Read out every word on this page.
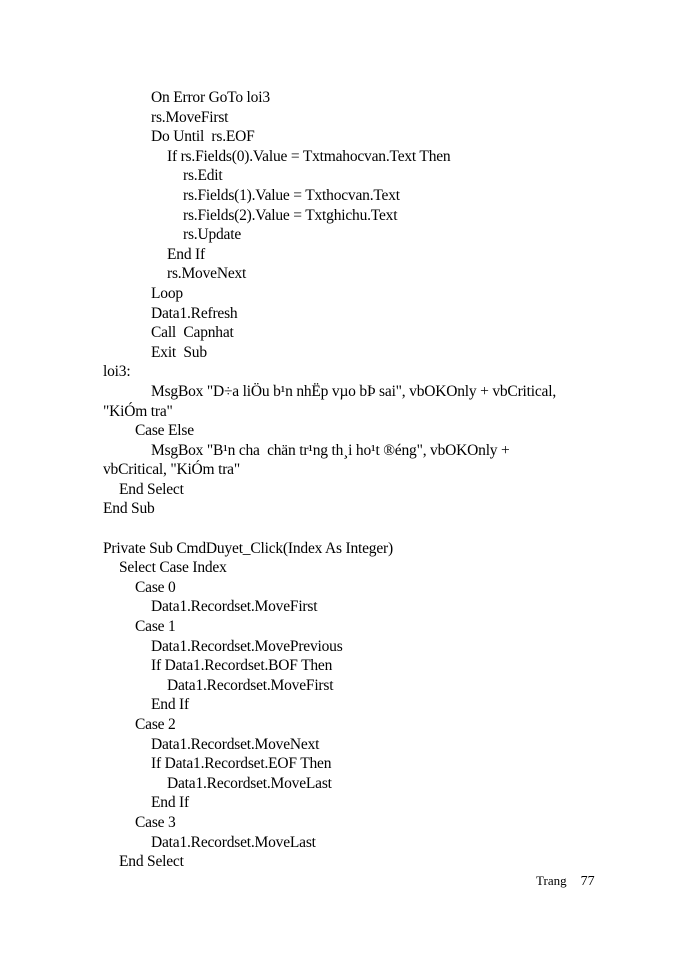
On Error GoTo loi3
rs.MoveFirst
Do Until  rs.EOF
If rs.Fields(0).Value = Txtmahocvan.Text Then
rs.Edit
rs.Fields(1).Value = Txthocvan.Text
rs.Fields(2).Value = Txtghichu.Text
rs.Update
End If
rs.MoveNext
Loop
Data1.Refresh
Call  Capnhat
Exit  Sub
loi3:
MsgBox "D÷a liÖu b¹n nhËp vµo bÞ sai", vbOKOnly + vbCritical,
"KiÓm tra"
Case Else
MsgBox "B¹n cha  chän tr¹ng th¸i ho¹t ®éng", vbOKOnly +
vbCritical, "KiÓm tra"
End Select
End Sub
Private Sub CmdDuyet_Click(Index As Integer)
Select Case Index
Case 0
Data1.Recordset.MoveFirst
Case 1
Data1.Recordset.MovePrevious
If Data1.Recordset.BOF Then
Data1.Recordset.MoveFirst
End If
Case 2
Data1.Recordset.MoveNext
If Data1.Recordset.EOF Then
Data1.Recordset.MoveLast
End If
Case 3
Data1.Recordset.MoveLast
End Select
Trang 77
